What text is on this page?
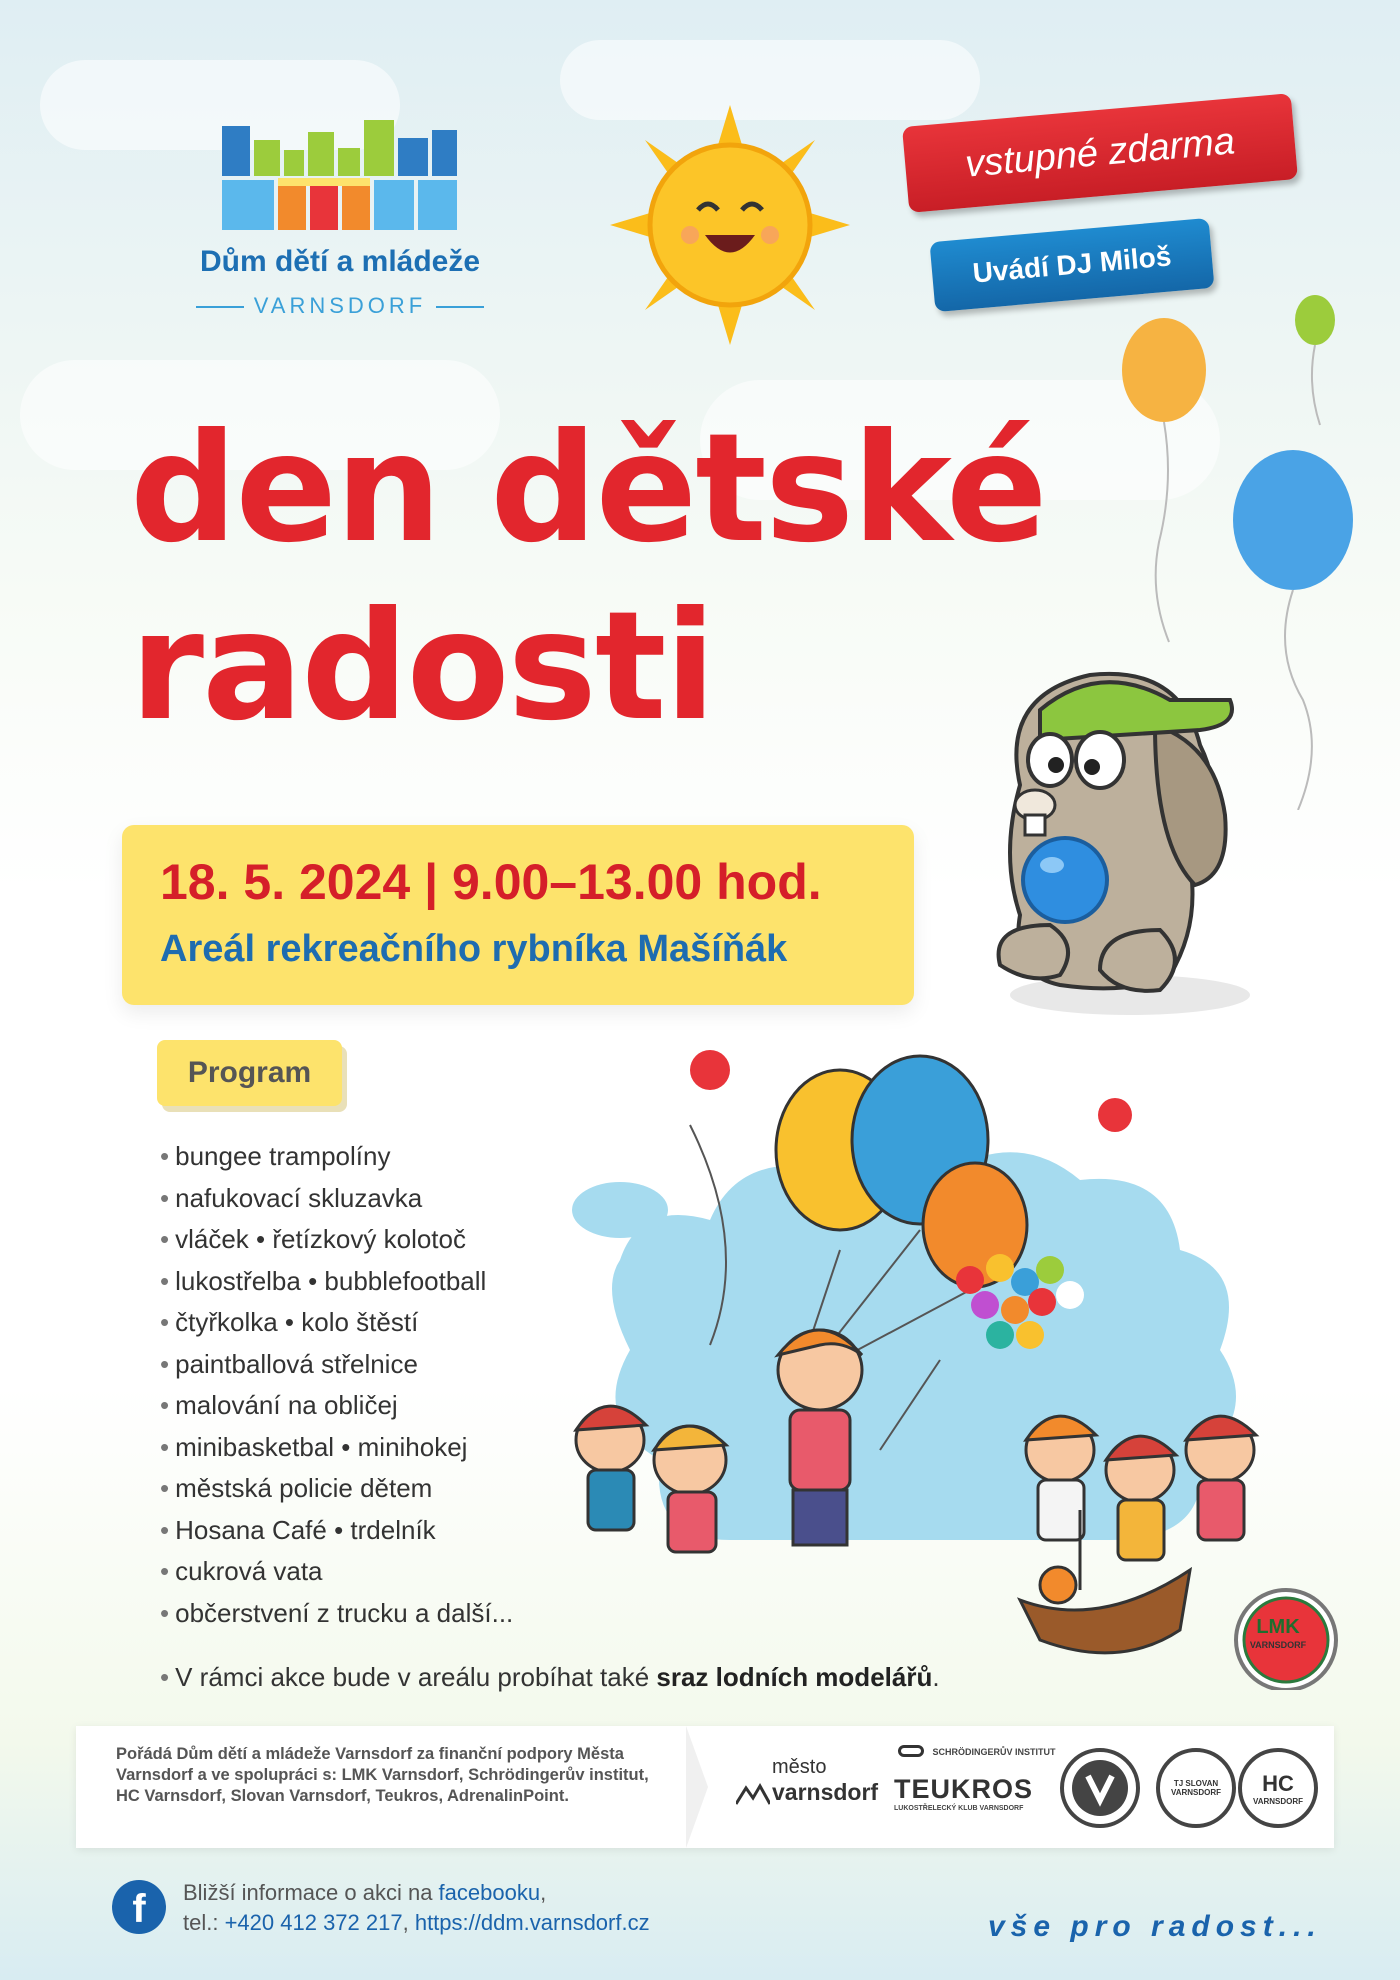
Dům dětí a mládeže
VARNSDORF
vstupné zdarma
Uvádí DJ Miloš
den dětské
radosti
18. 5. 2024 | 9.00–13.00 hod.
Areál rekreačního rybníka Mašíňák
Program
• bungee trampolíny
• nafukovací skluzavka
• vláček • řetízkový kolotoč
• lukostřelba • bubblefootball
• čtyřkolka • kolo štěstí
• paintballová střelnice
• malování na obličej
• minibasketbal • minihokej
• městská policie dětem
• Hosana Café • trdelník
• cukrová vata
• občerstvení z trucku a další...	LMK
VARNSDORF
• V rámci akce bude v areálu probíhat také sraz lodních modelářů.
Pořádá Dům dětí a mládeže Varnsdorf za finanční podpory Města Varnsdorf a ve spolupráci s: LMK Varnsdorf, Schrödingerův institut, HC Varnsdorf, Slovan Varnsdorf, Teukros, AdrenalinPoint.
město
varnsdorf
SCHRÖDINGERŮV INSTITUT
TEUKROS
LUKOSTŘELECKÝ KLUB VARNSDORF
TJ SLOVAN VARNSDORF	HC
VARNSDORF
f	Bližší informace o akci na facebooku,
tel.: +420 412 372 217, https://ddm.varnsdorf.cz	vše pro radost...
